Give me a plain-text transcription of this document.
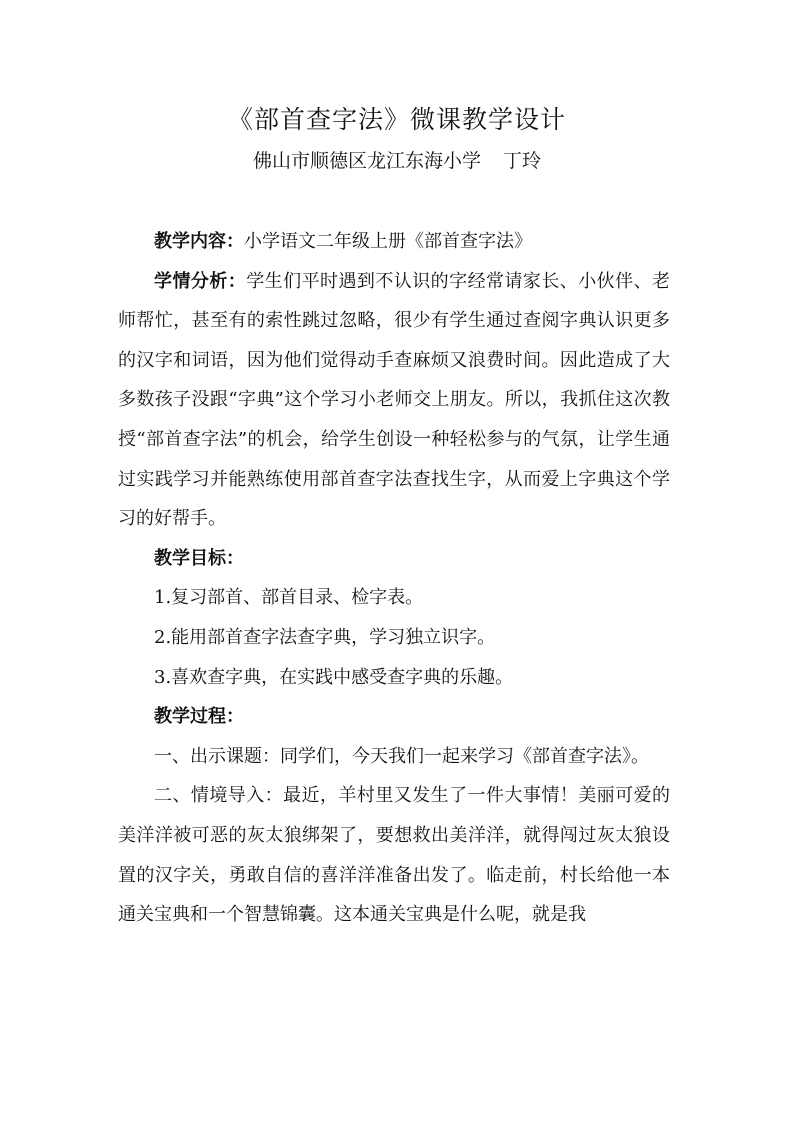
《部首查字法》微课教学设计
佛山市顺德区龙江东海小学 丁玲

教学内容：小学语文二年级上册《部首查字法》

学情分析：学生们平时遇到不认识的字经常请家长、小伙伴、老师帮忙，甚至有的索性跳过忽略，很少有学生通过查阅字典认识更多的汉字和词语，因为他们觉得动手查麻烦又浪费时间。因此造成了大多数孩子没跟“字典”这个学习小老师交上朋友。所以，我抓住这次教授“部首查字法”的机会，给学生创设一种轻松参与的气氛，让学生通过实践学习并能熟练使用部首查字法查找生字，从而爱上字典这个学习的好帮手。

教学目标：

1.复习部首、部首目录、检字表。

2.能用部首查字法查字典，学习独立识字。

3.喜欢查字典，在实践中感受查字典的乐趣。

教学过程：

一、出示课题：同学们，今天我们一起来学习《部首查字法》。

二、情境导入：最近，羊村里又发生了一件大事情！美丽可爱的美洋洋被可恶的灰太狼绑架了，要想救出美洋洋，就得闯过灰太狼设置的汉字关，勇敢自信的喜洋洋准备出发了。临走前，村长给他一本通关宝典和一个智慧锦囊。这本通关宝典是什么呢，就是我
